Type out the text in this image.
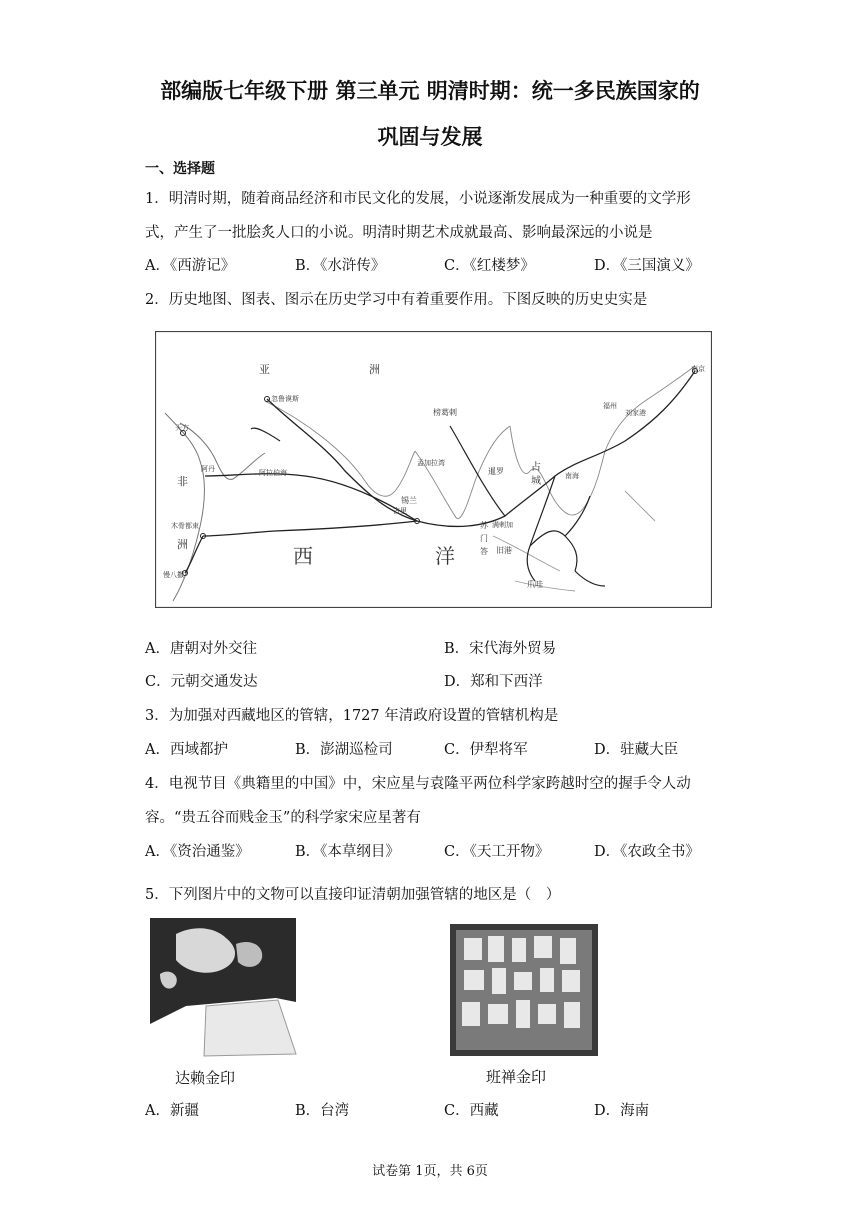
部编版七年级下册 第三单元 明清时期：统一多民族国家的
巩固与发展
一、选择题
1．明清时期，随着商品经济和市民文化的发展，小说逐渐发展成为一种重要的文学形
式，产生了一批脍炙人口的小说。明清时期艺术成就最高、影响最深远的小说是
A．《西游记》	B．《水浒传》	C．《红楼梦》	D．《三国演义》
2．历史地图、图表、图示在历史学习中有着重要作用。下图反映的历史史实是
亚	洲
忽鲁谟斯
天方
阿丹	阿拉伯海
非
洲
木骨都束
慢八撒
榜葛剌
孟加拉湾
古里
锡兰
苏
门
答
满剌加
旧港
爪哇
暹罗	占
城
南京
福州
南海
刘家港
西	洋
A．唐朝对外交往	B．宋代海外贸易
C．元朝交通发达	D．郑和下西洋
3．为加强对西藏地区的管辖，1727 年清政府设置的管辖机构是
A．西域都护	B．澎湖巡检司	C．伊犁将军	D．驻藏大臣
4．电视节目《典籍里的中国》中，宋应星与袁隆平两位科学家跨越时空的握手令人动
容。“贵五谷而贱金玉”的科学家宋应星著有
A．《资治通鉴》	B．《本草纲目》	C．《天工开物》	D．《农政全书》
5．下列图片中的文物可以直接印证清朝加强管辖的地区是（　）
达赖金印	班禅金印
A．新疆	B．台湾	C．西藏	D．海南
试卷第 1页，共 6页
